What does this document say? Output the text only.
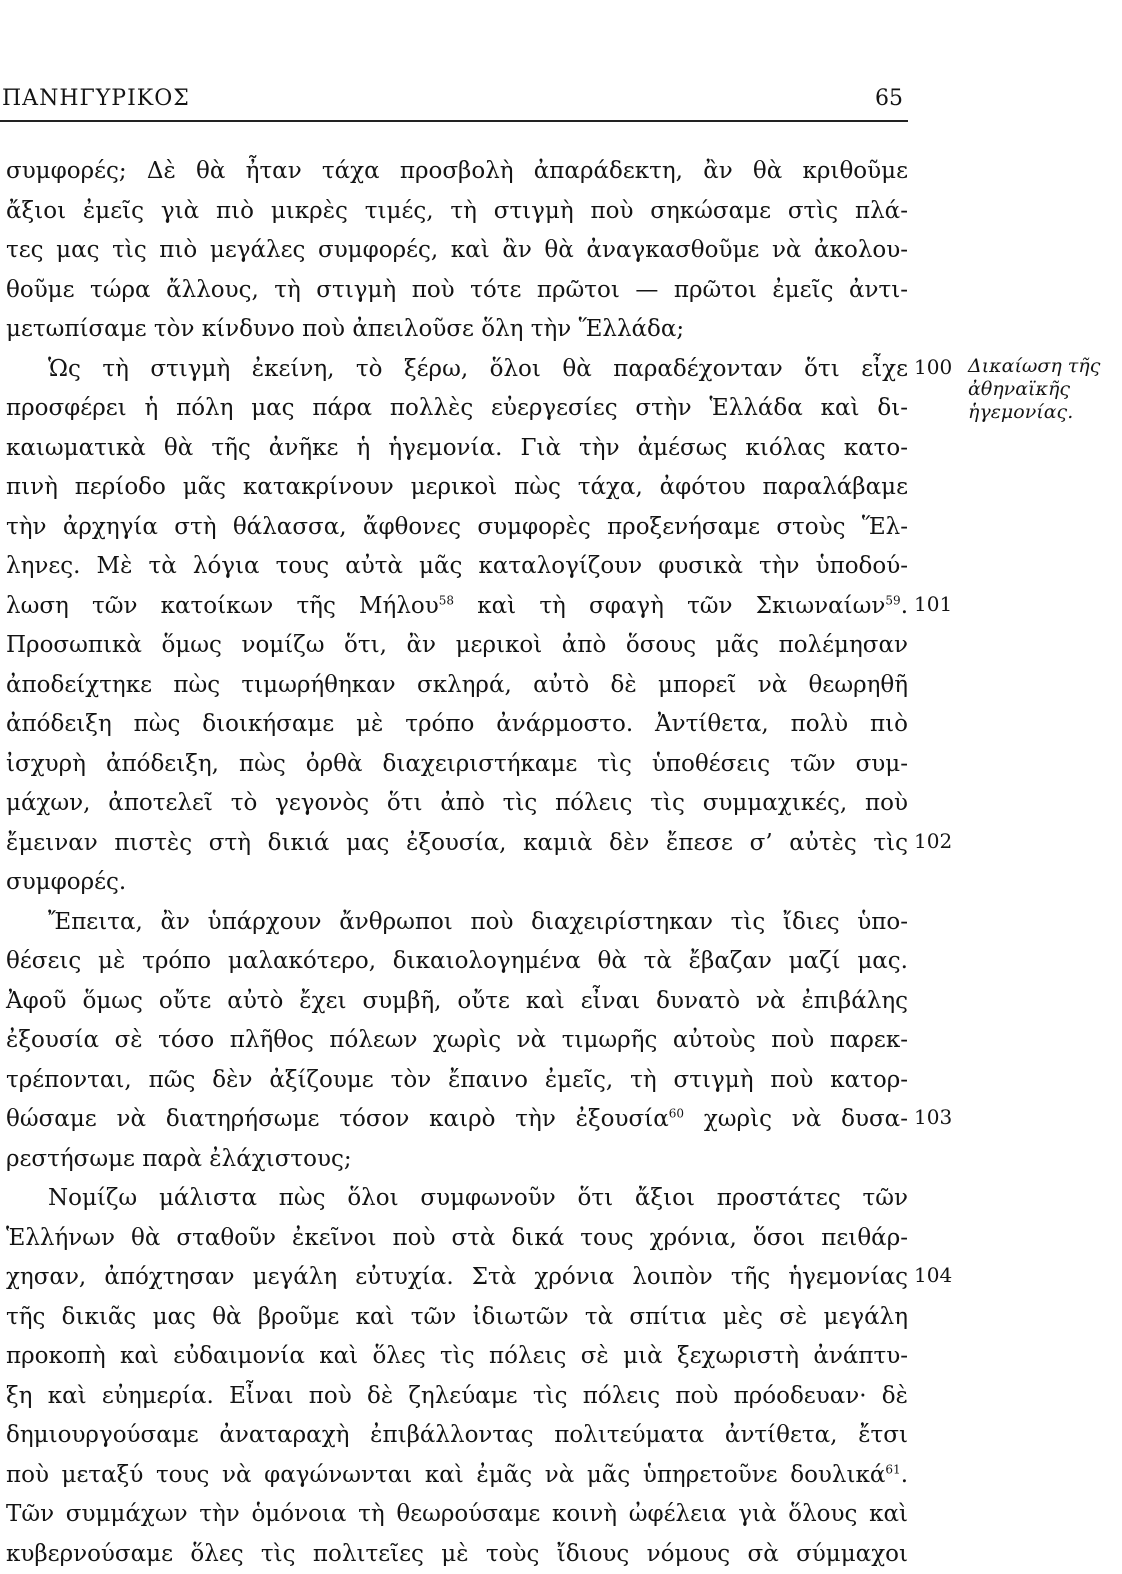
ΠΑΝΗΓΥΡΙΚΟΣ	65
συμφορές; Δὲ θὰ ἦταν τάχα προσβολὴ ἀπαράδεκτη, ἂν θὰ κριθοῦμε
ἄξιοι ἐμεῖς γιὰ πιὸ μικρὲς τιμές, τὴ στιγμὴ ποὺ σηκώσαμε στὶς πλά-
τες μας τὶς πιὸ μεγάλες συμφορές, καὶ ἂν θὰ ἀναγκασθοῦμε νὰ ἀκολου-
θοῦμε τώρα ἄλλους, τὴ στιγμὴ ποὺ τότε πρῶτοι — πρῶτοι ἐμεῖς ἀντι-
μετωπίσαμε τὸν κίνδυνο ποὺ ἀπειλοῦσε ὅλη τὴν Ἕλλάδα;
Ὡς τὴ στιγμὴ ἐκείνη, τὸ ξέρω, ὅλοι θὰ παραδέχονταν ὅτι εἶχε
προσφέρει ἡ πόλη μας πάρα πολλὲς εὐεργεσίες στὴν Ἑλλάδα καὶ δι-
καιωματικὰ θὰ τῆς ἀνῆκε ἡ ἡγεμονία. Γιὰ τὴν ἀμέσως κιόλας κατο-
πινὴ περίοδο μᾶς κατακρίνουν μερικοὶ πὼς τάχα, ἀφότου παραλάβαμε
τὴν ἀρχηγία στὴ θάλασσα, ἄφθονες συμφορὲς προξενήσαμε στοὺς Ἕλ-
ληνες. Μὲ τὰ λόγια τους αὐτὰ μᾶς καταλογίζουν φυσικὰ τὴν ὑποδού-
λωση τῶν κατοίκων τῆς Μήλου$^{58}$ καὶ τὴ σφαγὴ τῶν Σκιωναίων$^{59}$.
Προσωπικὰ ὅμως νομίζω ὅτι, ἂν μερικοὶ ἀπὸ ὅσους μᾶς πολέμησαν
ἀποδείχτηκε πὼς τιμωρήθηκαν σκληρά, αὐτὸ δὲ μπορεῖ νὰ θεωρηθῆ
ἀπόδειξη πὼς διοικήσαμε μὲ τρόπο ἀνάρμοστο. Ἀντίθετα, πολὺ πιὸ
ἰσχυρὴ ἀπόδειξη, πὼς ὀρθὰ διαχειριστήκαμε τὶς ὑποθέσεις τῶν συμ-
μάχων, ἀποτελεῖ τὸ γεγονὸς ὅτι ἀπὸ τὶς πόλεις τὶς συμμαχικές, ποὺ
ἔμειναν πιστὲς στὴ δικιά μας ἐξουσία, καμιὰ δὲν ἔπεσε σ’ αὐτὲς τὶς
συμφορές.
Ἔπειτα, ἂν ὑπάρχουν ἄνθρωποι ποὺ διαχειρίστηκαν τὶς ἴδιες ὑπο-
θέσεις μὲ τρόπο μαλακότερο, δικαιολογημένα θὰ τὰ ἔβαζαν μαζί μας.
Ἀφοῦ ὅμως οὔτε αὐτὸ ἔχει συμβῆ, οὔτε καὶ εἶναι δυνατὸ νὰ ἐπιβάλης
ἐξουσία σὲ τόσο πλῆθος πόλεων χωρὶς νὰ τιμωρῆς αὐτοὺς ποὺ παρεκ-
τρέπονται, πῶς δὲν ἀξίζουμε τὸν ἔπαινο ἐμεῖς, τὴ στιγμὴ ποὺ κατορ-
θώσαμε νὰ διατηρήσωμε τόσον καιρὸ τὴν ἐξουσία$^{60}$ χωρὶς νὰ δυσα-
ρεστήσωμε παρὰ ἐλάχιστους;
Νομίζω μάλιστα πὼς ὅλοι συμφωνοῦν ὅτι ἄξιοι προστάτες τῶν
Ἑλλήνων θὰ σταθοῦν ἐκεῖνοι ποὺ στὰ δικά τους χρόνια, ὅσοι πειθάρ-
χησαν, ἀπόχτησαν μεγάλη εὐτυχία. Στὰ χρόνια λοιπὸν τῆς ἡγεμονίας
τῆς δικιᾶς μας θὰ βροῦμε καὶ τῶν ἰδιωτῶν τὰ σπίτια μὲς σὲ μεγάλη
προκοπὴ καὶ εὐδαιμονία καὶ ὅλες τὶς πόλεις σὲ μιὰ ξεχωριστὴ ἀνάπτυ-
ξη καὶ εὐημερία. Εἶναι ποὺ δὲ ζηλεύαμε τὶς πόλεις ποὺ πρόοδευαν· δὲ
δημιουργούσαμε ἀναταραχὴ ἐπιβάλλοντας πολιτεύματα ἀντίθετα, ἔτσι
ποὺ μεταξύ τους νὰ φαγώνωνται καὶ ἐμᾶς νὰ μᾶς ὑπηρετοῦνε δουλικά$^{61}$.
Τῶν συμμάχων τὴν ὁμόνοια τὴ θεωρούσαμε κοινὴ ὠφέλεια γιὰ ὅλους καὶ
κυβερνούσαμε ὅλες τὶς πολιτεῖες μὲ τοὺς ἴδιους νόμους σὰ σύμμαχοι
100
101
102
103
104
Δικαίωση τῆς
ἀθηναϊκῆς
ἡγεμονίας.
